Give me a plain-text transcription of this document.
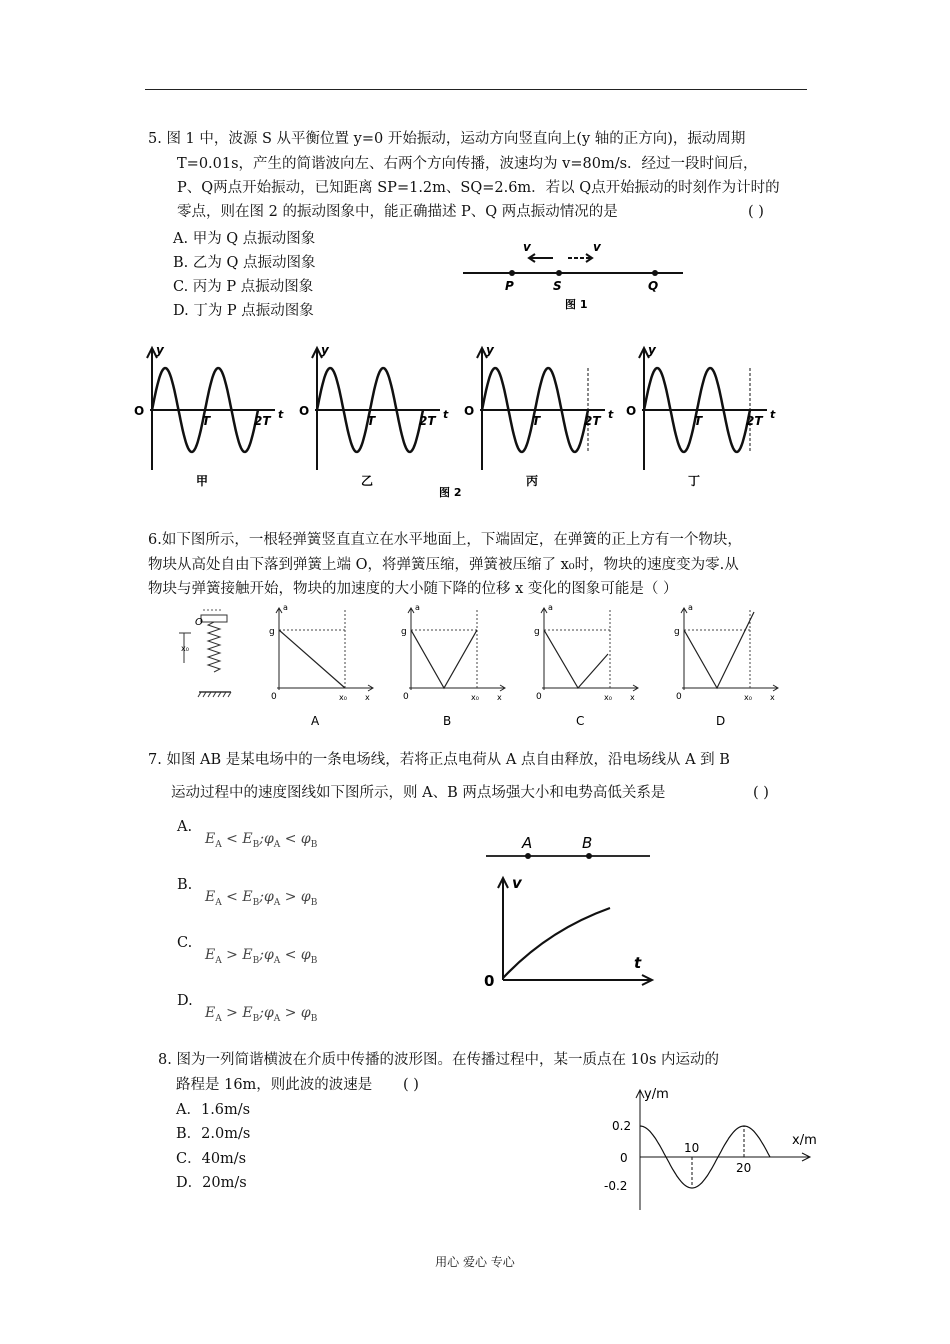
5. 图 1 中，波源 S 从平衡位置 y=0 开始振动，运动方向竖直向上(y 轴的正方向)，振动周期
T=0.01s，产生的简谐波向左、右两个方向传播，波速均为 v=80m/s．经过一段时间后，
P、Q两点开始振动，已知距离 SP=1.2m、SQ=2.6m．若以 Q点开始振动的时刻作为计时的
零点，则在图 2 的振动图象中，能正确描述 P、Q 两点振动情况的是	( )
A. 甲为 Q 点振动图象
B. 乙为 Q 点振动图象
C. 丙为 P 点振动图象
D. 丁为 P 点振动图象
v	v
P	S	Q
图 1
y
O
T	2T t
甲
y
O
T	2T t
乙
y
O
T	2T t
丙
y
O
T	2T t
丁
图 2
6.如下图所示，一根轻弹簧竖直直立在水平地面上，下端固定，在弹簧的正上方有一个物块，
物块从高处自由下落到弹簧上端 O，将弹簧压缩，弹簧被压缩了 x₀时，物块的速度变为零.从
物块与弹簧接触开始，物块的加速度的大小随下降的位移 x 变化的图象可能是（ ）
O
x₀
a
g
0	x₀ x
A
a
g
0	x₀ x
B
a
g
0	x₀ x
C
a
g
0	x₀ x
D
7. 如图 AB 是某电场中的一条电场线，若将正点电荷从 A 点自由释放，沿电场线从 A 到 B
运动过程中的速度图线如下图所示，则 A、B 两点场强大小和电势高低关系是	( )
A.
$E_A$ < $E_B;\varphi_A < \varphi_B$
B.
$E_A$ < $E_B;\varphi_A > \varphi_B$
C.
$E_A$ > $E_B;\varphi_A < \varphi_B$
D.
$E_A$ > $E_B;\varphi_A > \varphi_B$
A	B
v
t
0
8. 图为一列简谐横波在介质中传播的波形图。在传播过程中，某一质点在 10s 内运动的
路程是 16m，则此波的波速是 ( )
A．1.6m/s
B．2.0m/s
C．40m/s
D．20m/s
y/m
x/m
0.2
0
-0.2
10
20
用心 爱心 专心
